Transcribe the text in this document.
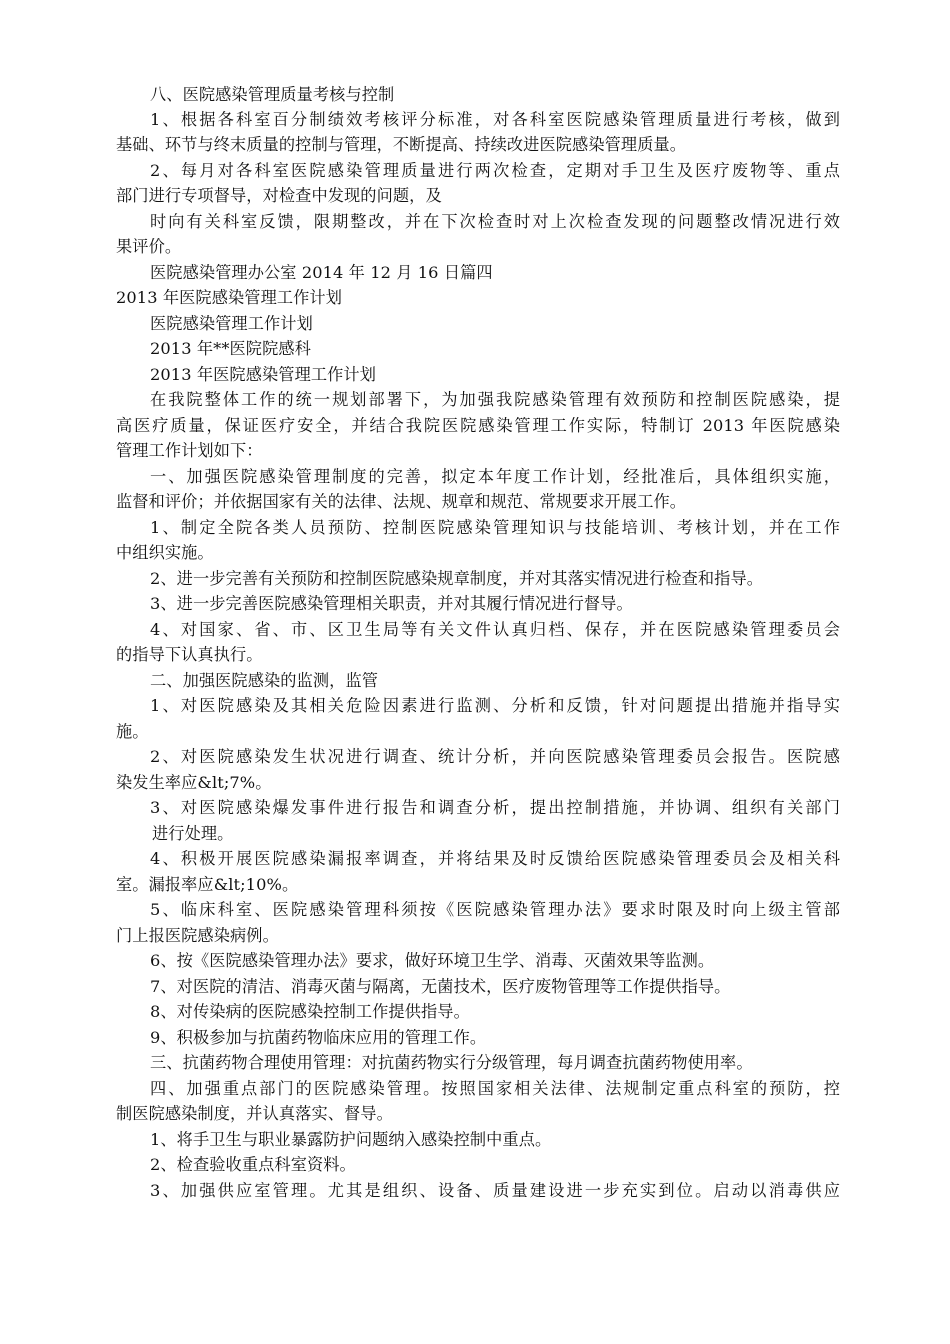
八、医院感染管理质量考核与控制
1、根据各科室百分制绩效考核评分标准，对各科室医院感染管理质量进行考核，做到
基础、环节与终末质量的控制与管理，不断提高、持续改进医院感染管理质量。
2、每月对各科室医院感染管理质量进行两次检查，定期对手卫生及医疗废物等、重点
部门进行专项督导，对检查中发现的问题，及
时向有关科室反馈，限期整改，并在下次检查时对上次检查发现的问题整改情况进行效
果评价。
医院感染管理办公室 2014 年 12 月 16 日篇四
2013 年医院感染管理工作计划
医院感染管理工作计划
2013 年**医院院感科
2013 年医院感染管理工作计划
在我院整体工作的统一规划部署下，为加强我院感染管理有效预防和控制医院感染，提
高医疗质量，保证医疗安全，并结合我院医院感染管理工作实际，特制订 2013 年医院感染
管理工作计划如下：
一、加强医院感染管理制度的完善，拟定本年度工作计划，经批准后，具体组织实施，
监督和评价；并依据国家有关的法律、法规、规章和规范、常规要求开展工作。
1、制定全院各类人员预防、控制医院感染管理知识与技能培训、考核计划，并在工作
中组织实施。
2、进一步完善有关预防和控制医院感染规章制度，并对其落实情况进行检查和指导。
3、进一步完善医院感染管理相关职责，并对其履行情况进行督导。
4、对国家、省、市、区卫生局等有关文件认真归档、保存，并在医院感染管理委员会
的指导下认真执行。
二、加强医院感染的监测，监管
1、对医院感染及其相关危险因素进行监测、分析和反馈，针对问题提出措施并指导实
施。
2、对医院感染发生状况进行调查、统计分析，并向医院感染管理委员会报告。医院感
染发生率应&lt;7%。
3、对医院感染爆发事件进行报告和调查分析，提出控制措施，并协调、组织有关部门
进行处理。
4、积极开展医院感染漏报率调查，并将结果及时反馈给医院感染管理委员会及相关科
室。漏报率应&lt;10%。
5、临床科室、医院感染管理科须按《医院感染管理办法》要求时限及时向上级主管部
门上报医院感染病例。
6、按《医院感染管理办法》要求，做好环境卫生学、消毒、灭菌效果等监测。
7、对医院的清洁、消毒灭菌与隔离，无菌技术，医疗废物管理等工作提供指导。
8、对传染病的医院感染控制工作提供指导。
9、积极参加与抗菌药物临床应用的管理工作。
三、抗菌药物合理使用管理：对抗菌药物实行分级管理，每月调查抗菌药物使用率。
四、加强重点部门的医院感染管理。按照国家相关法律、法规制定重点科室的预防，控
制医院感染制度，并认真落实、督导。
1、将手卫生与职业暴露防护问题纳入感染控制中重点。
2、检查验收重点科室资料。
3、加强供应室管理。尤其是组织、设备、质量建设进一步充实到位。启动以消毒供应
